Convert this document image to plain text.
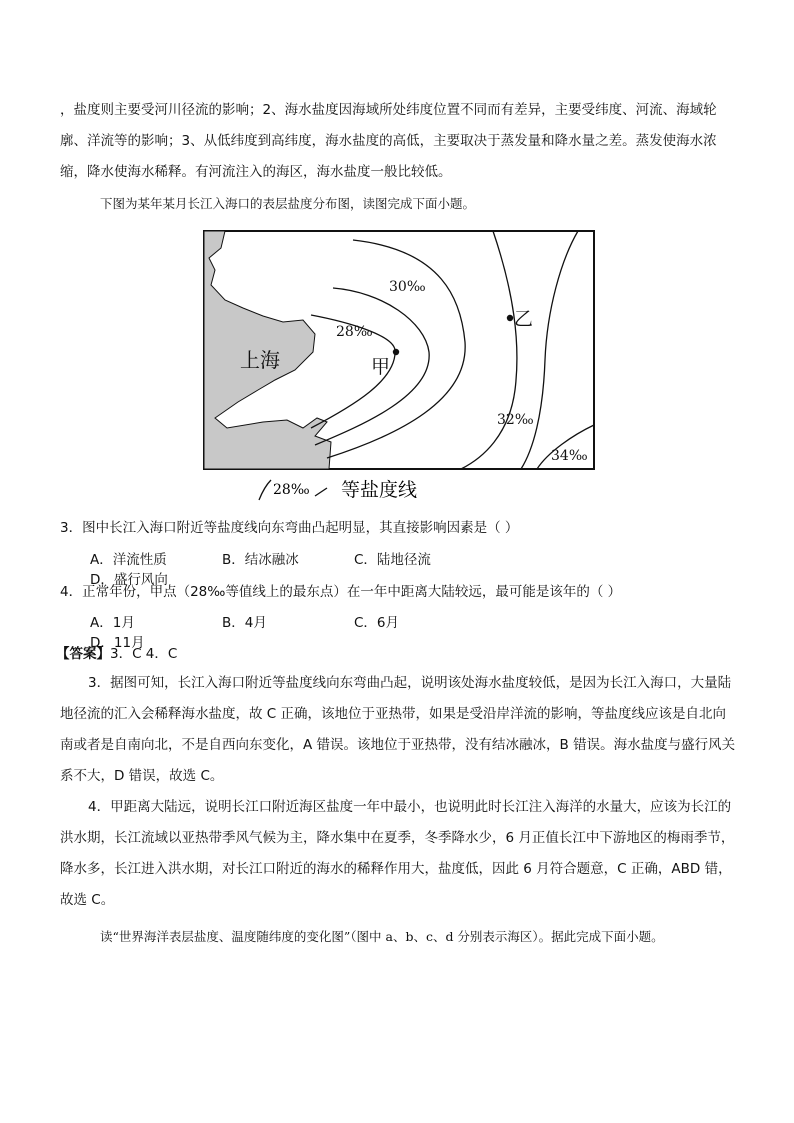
，盐度则主要受河川径流的影响；2、海水盐度因海域所处纬度位置不同而有差异，主要受纬度、河流、海域轮廓、洋流等的影响；3、从低纬度到高纬度，海水盐度的高低，主要取决于蒸发量和降水量之差。蒸发使海水浓缩，降水使海水稀释。有河流注入的海区，海水盐度一般比较低。
下图为某年某月长江入海口的表层盐度分布图，读图完成下面小题。
上海	甲
乙
28‰
30‰
32‰
34‰
28‰ 等盐度线
3．图中长江入海口附近等盐度线向东弯曲凸起明显，其直接影响因素是（ ）
A．洋流性质	B．结冰融冰	C．陆地径流D．盛行风向
4．正常年份，甲点（28‰等值线上的最东点）在一年中距离大陆较远，最可能是该年的（ ）
A．1月	B．4月	C．6月D．11月
【答案】3．C 4．C
3．据图可知，长江入海口附近等盐度线向东弯曲凸起，说明该处海水盐度较低，是因为长江入海口，大量陆地径流的汇入会稀释海水盐度，故 C 正确，该地位于亚热带，如果是受沿岸洋流的影响，等盐度线应该是自北向南或者是自南向北，不是自西向东变化，A 错误。该地位于亚热带，没有结冰融冰，B 错误。海水盐度与盛行风关系不大，D 错误，故选 C。
4．甲距离大陆远，说明长江口附近海区盐度一年中最小，也说明此时长江注入海洋的水量大，应该为长江的洪水期，长江流域以亚热带季风气候为主，降水集中在夏季，冬季降水少，6 月正值长江中下游地区的梅雨季节，降水多，长江进入洪水期，对长江口附近的海水的稀释作用大，盐度低，因此 6 月符合题意，C 正确，ABD 错，故选 C。
读“世界海洋表层盐度、温度随纬度的变化图”（图中 a、b、c、d 分别表示海区）。据此完成下面小题。
